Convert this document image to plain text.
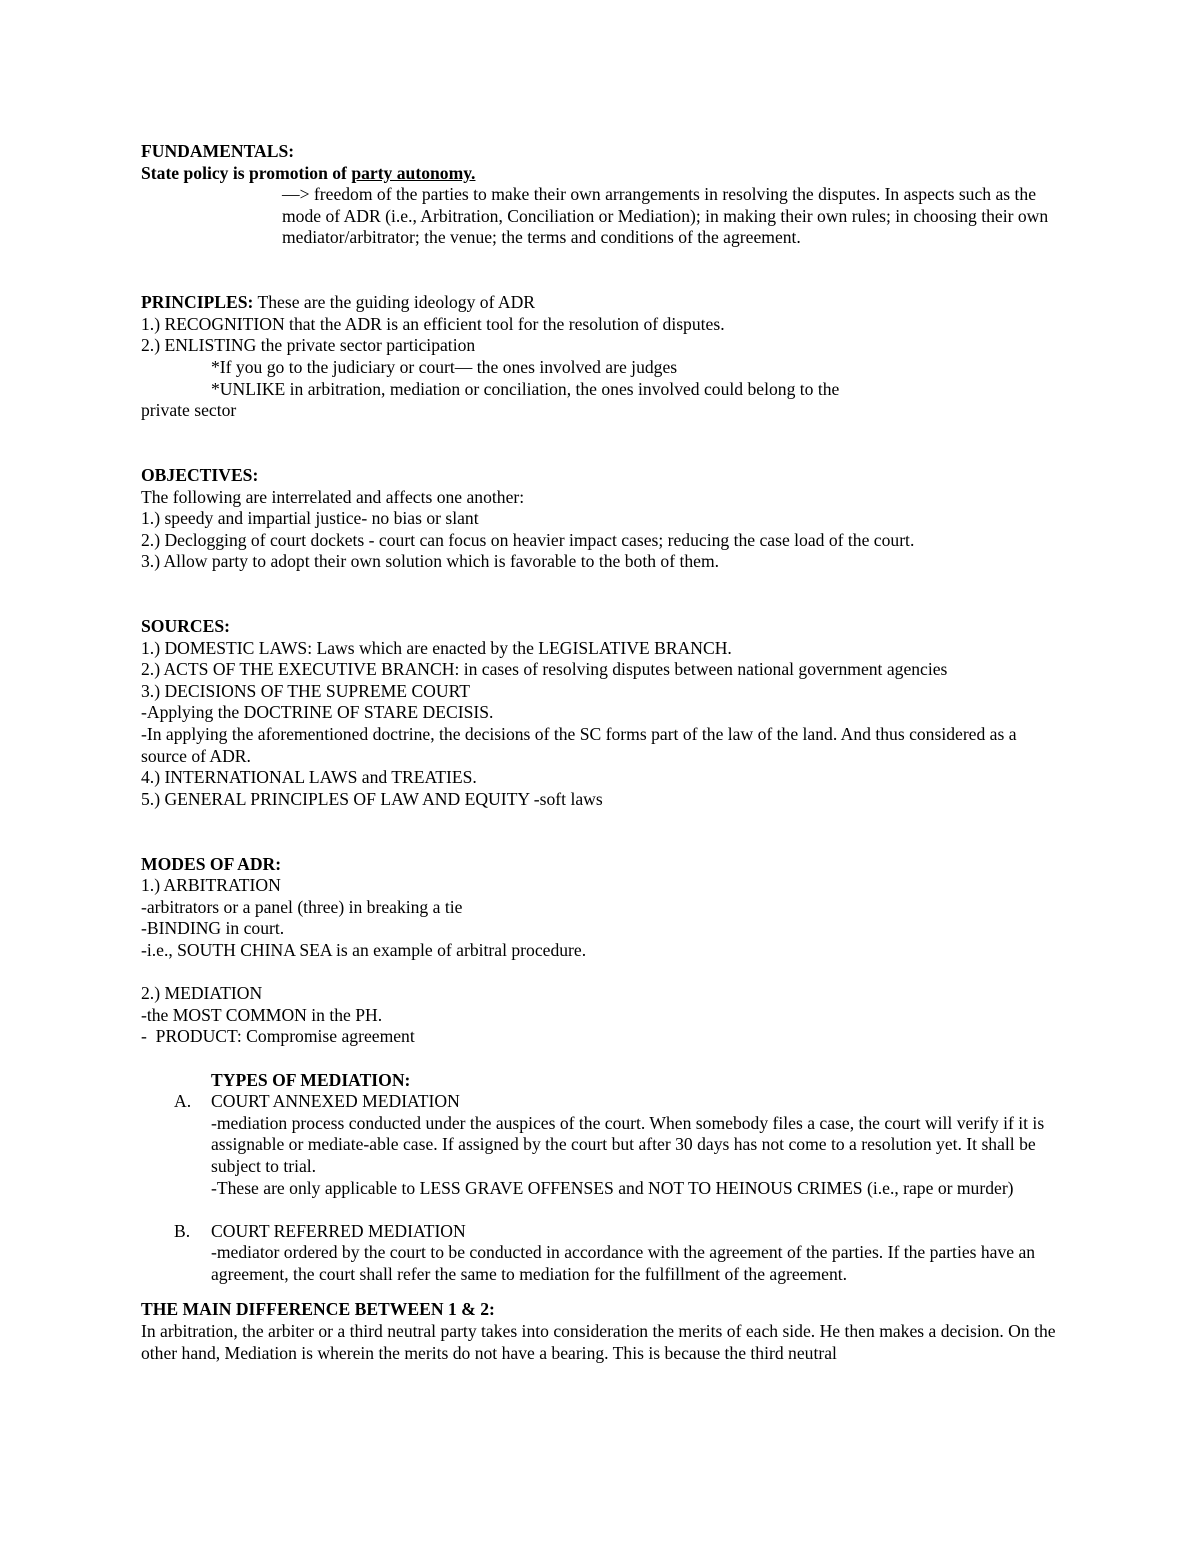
FUNDAMENTALS:
State policy is promotion of party autonomy.
—> freedom of the parties to make their own arrangements in resolving the disputes. In aspects such as the mode of ADR (i.e., Arbitration, Conciliation or Mediation); in making their own rules; in choosing their own mediator/arbitrator; the venue; the terms and conditions of the agreement.
PRINCIPLES: These are the guiding ideology of ADR
1.) RECOGNITION that the ADR is an efficient tool for the resolution of disputes.
2.) ENLISTING the private sector participation
*If you go to the judiciary or court— the ones involved are judges
*UNLIKE in arbitration, mediation or conciliation, the ones involved could belong to the
private sector
OBJECTIVES:
The following are interrelated and affects one another:
1.) speedy and impartial justice- no bias or slant
2.) Declogging of court dockets - court can focus on heavier impact cases; reducing the case load of the court.
3.) Allow party to adopt their own solution which is favorable to the both of them.
SOURCES:
1.) DOMESTIC LAWS: Laws which are enacted by the LEGISLATIVE BRANCH.
2.) ACTS OF THE EXECUTIVE BRANCH: in cases of resolving disputes between national government agencies
3.) DECISIONS OF THE SUPREME COURT
-Applying the DOCTRINE OF STARE DECISIS.
-In applying the aforementioned doctrine, the decisions of the SC forms part of the law of the land. And thus considered as a source of ADR.
4.) INTERNATIONAL LAWS and TREATIES.
5.) GENERAL PRINCIPLES OF LAW AND EQUITY -soft laws
MODES OF ADR:
1.) ARBITRATION
-arbitrators or a panel (three) in breaking a tie
-BINDING in court.
-i.e., SOUTH CHINA SEA is an example of arbitral procedure.
2.) MEDIATION
-the MOST COMMON in the PH.
-  PRODUCT: Compromise agreement
TYPES OF MEDIATION:
A. COURT ANNEXED MEDIATION
-mediation process conducted under the auspices of the court. When somebody files a case, the court will verify if it is assignable or mediate-able case. If assigned by the court but after 30 days has not come to a resolution yet. It shall be subject to trial.
-These are only applicable to LESS GRAVE OFFENSES and NOT TO HEINOUS CRIMES (i.e., rape or murder)
B. COURT REFERRED MEDIATION
-mediator ordered by the court to be conducted in accordance with the agreement of the parties. If the parties have an agreement, the court shall refer the same to mediation for the fulfillment of the agreement.
THE MAIN DIFFERENCE BETWEEN 1 & 2:
In arbitration, the arbiter or a third neutral party takes into consideration the merits of each side. He then makes a decision. On the other hand, Mediation is wherein the merits do not have a bearing. This is because the third neutral
